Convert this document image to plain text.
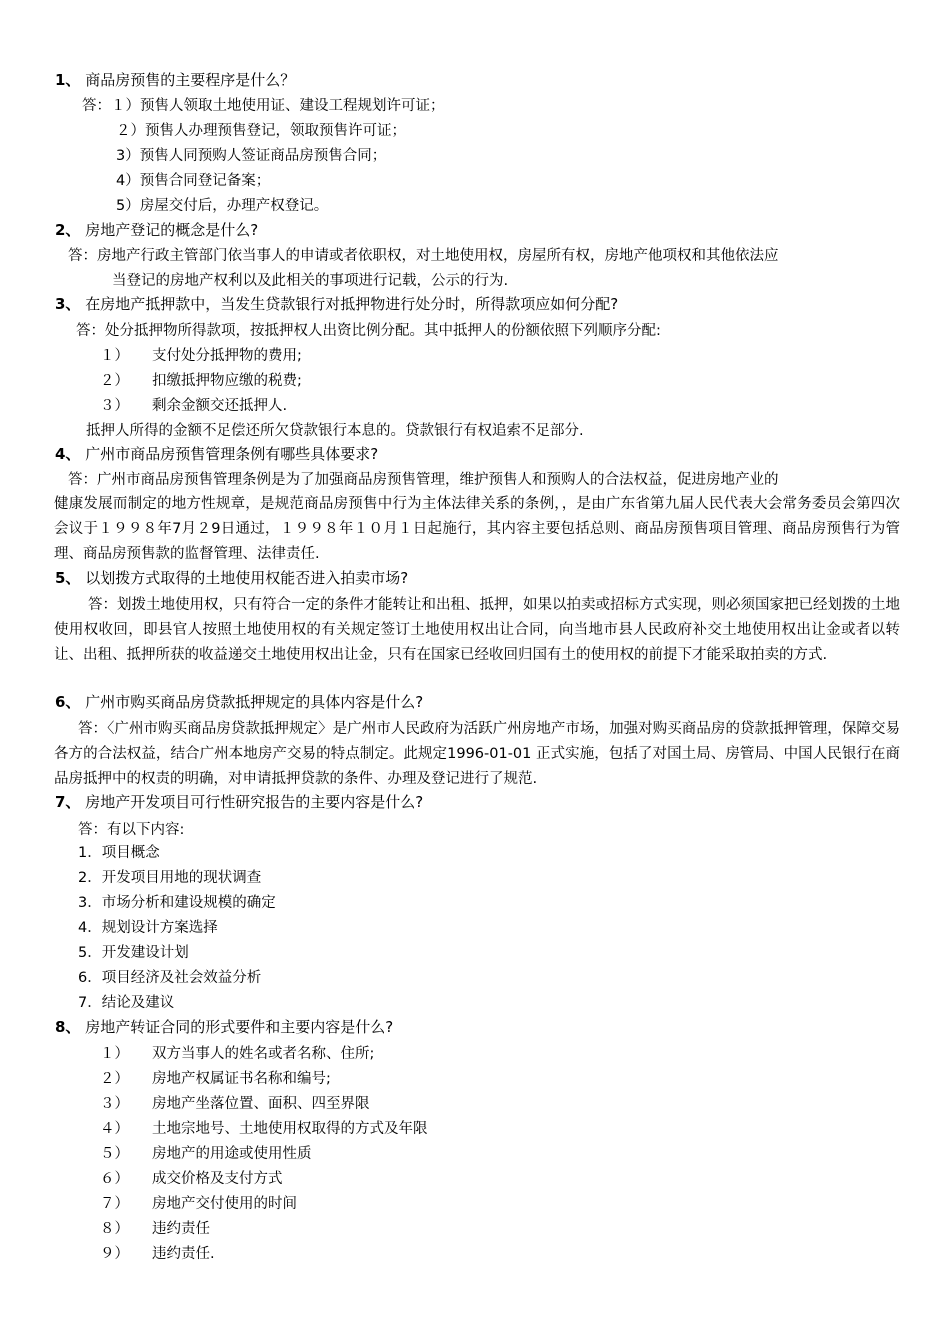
1、 商品房预售的主要程序是什么？
答：１）预售人领取土地使用证、建设工程规划许可证；
２）预售人办理预售登记，领取预售许可证；
3）预售人同预购人签证商品房预售合同；
4）预售合同登记备案；
5）房屋交付后，办理产权登记。
2、 房地产登记的概念是什么?
答：房地产行政主管部门依当事人的申请或者依职权，对土地使用权，房屋所有权，房地产他项权和其他依法应
当登记的房地产权利以及此相关的事项进行记载，公示的行为.
3、 在房地产抵押款中，当发生贷款银行对抵押物进行处分时，所得款项应如何分配?
答：处分抵押物所得款项，按抵押权人出资比例分配。其中抵押人的份额依照下列顺序分配:
１） 支付处分抵押物的费用;
２） 扣缴抵押物应缴的税费;
３） 剩余金额交还抵押人.
抵押人所得的金额不足偿还所欠贷款银行本息的。贷款银行有权追索不足部分.
4、 广州市商品房预售管理条例有哪些具体要求?
答：广州市商品房预售管理条例是为了加强商品房预售管理，维护预售人和预购人的合法权益，促进房地产业的
健康发展而制定的地方性规章，是规范商品房预售中行为主体法律关系的条例，，是由广东省第九届人民代表大会常务委员会第四次会议于１９９８年7月２9日通过，１９９８年１０月１日起施行，其内容主要包括总则、商品房预售项目管理、商品房预售行为管理、商品房预售款的监督管理、法律责任.
5、 以划拨方式取得的土地使用权能否进入拍卖市场?
答：划拨土地使用权，只有符合一定的条件才能转让和出租、抵押，如果以拍卖或招标方式实现，则必须国家把已经划拨的土地使用权收回，即县官人按照土地使用权的有关规定签订土地使用权出让合同，向当地市县人民政府补交土地使用权出让金或者以转让、出租、抵押所获的收益递交土地使用权出让金，只有在国家已经收回归国有土的使用权的前提下才能采取拍卖的方式.
6、 广州市购买商品房贷款抵押规定的具体内容是什么?
答：〈广州市购买商品房贷款抵押规定〉是广州市人民政府为活跃广州房地产市场，加强对购买商品房的贷款抵押管理，保障交易各方的合法权益，结合广州本地房产交易的特点制定。此规定1996-01-01 正式实施，包括了对国土局、房管局、中国人民银行在商品房抵押中的权责的明确，对申请抵押贷款的条件、办理及登记进行了规范.
7、 房地产开发项目可行性研究报告的主要内容是什么?
答：有以下内容:
1．项目概念
2．开发项目用地的现状调查
3．市场分析和建设规模的确定
4．规划设计方案选择
5．开发建设计划
6．项目经济及社会效益分析
7．结论及建议
8、 房地产转证合同的形式要件和主要内容是什么?
１） 双方当事人的姓名或者名称、住所;
２） 房地产权属证书名称和编号;
３） 房地产坐落位置、面积、四至界限
４） 土地宗地号、土地使用权取得的方式及年限
５） 房地产的用途或使用性质
６） 成交价格及支付方式
７） 房地产交付使用的时间
８） 违约责任
９） 违约责任.
